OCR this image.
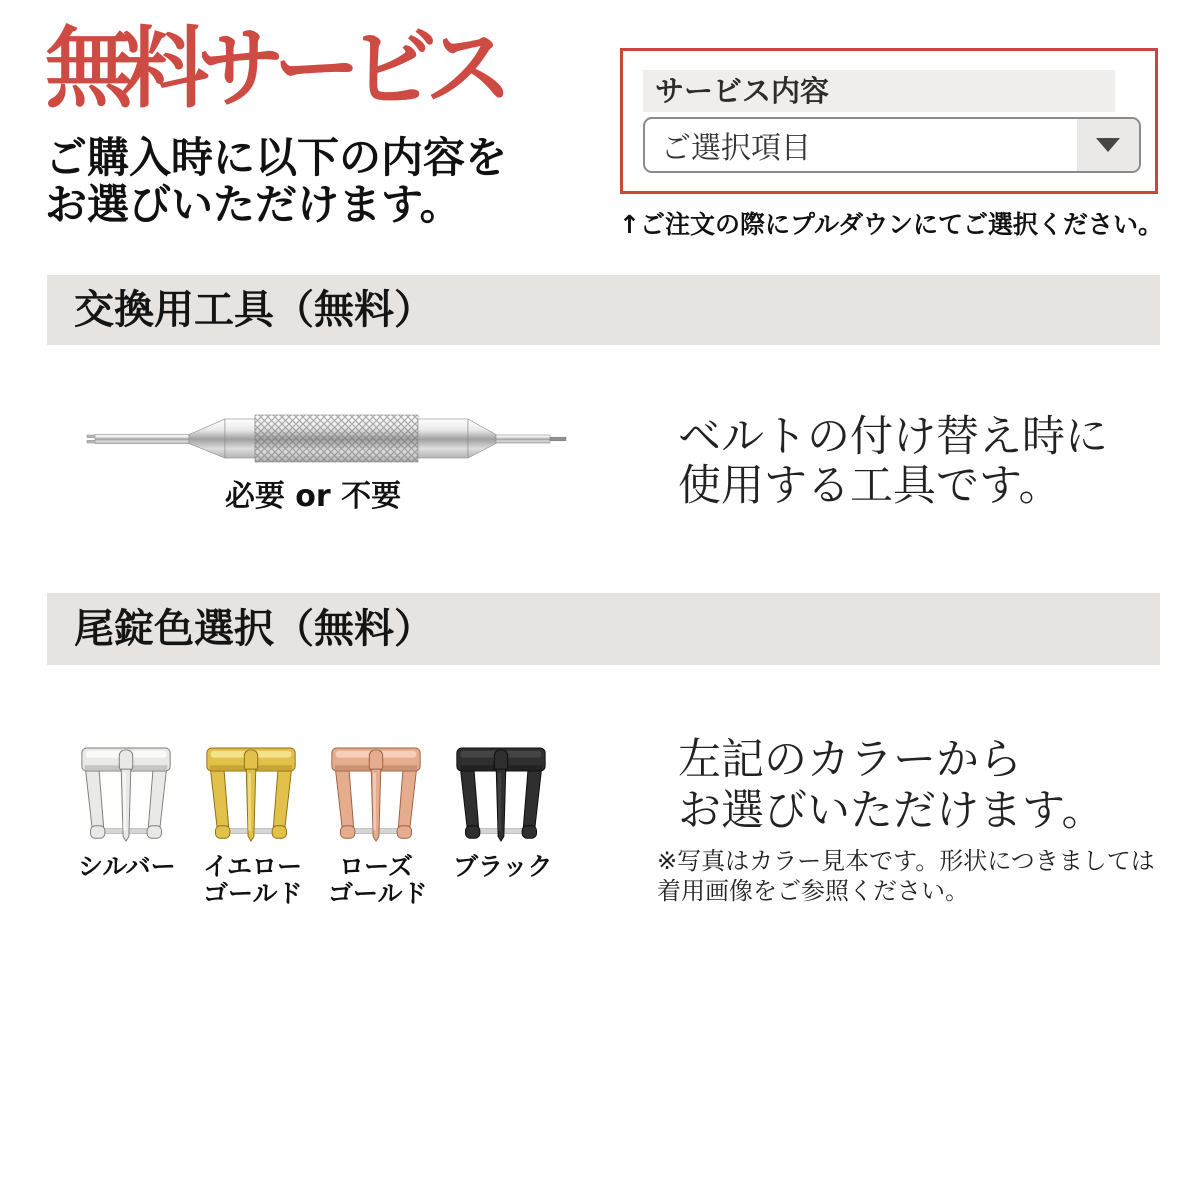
無料サービス
ご購入時に以下の内容を
お選びいただけます。
サービス内容
ご選択項目
↑ご注文の際にプルダウンにてご選択ください。
交換用工具（無料）
必要 or 不要
ベルトの付け替え時に
使用する工具です。
尾錠色選択（無料）
シルバー イエロー
ゴールド
ローズ
ゴールド
ブラック
左記のカラーから
お選びいただけます。
※写真はカラー見本です。形状につきましては
着用画像をご参照ください。
